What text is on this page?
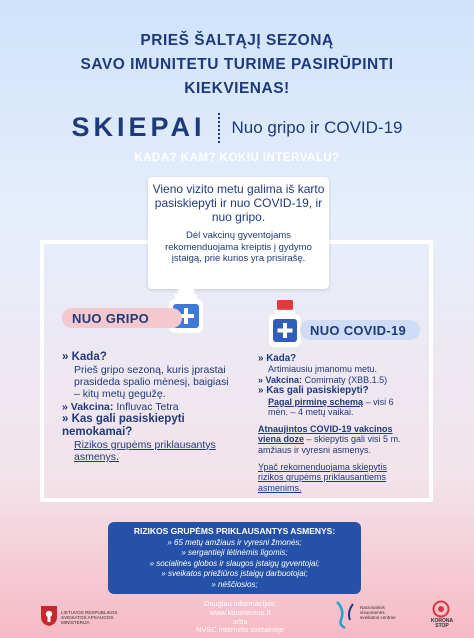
PRIEŠ ŠALTĄJĮ SEZONĄ
SAVO IMUNITETU TURIME PASIRŪPINTI
KIEKVIENAS!
SKIEPAI Nuo gripo ir COVID-19
KADA? KAM? KOKIU INTERVALU?
Vieno vizito metu galima iš karto pasiskiepyti ir nuo COVID-19, ir nuo gripo.
Dėl vakcinų gyventojams rekomenduojama kreiptis į gydymo įstaigą, prie kurios yra prisirašę.
NUO GRIPO
NUO COVID-19
» Kada?
Prieš gripo sezoną, kuris įprastai prasideda spalio mėnesį, baigiasi – kitų metų gegužę.
» Vakcina: Influvac Tetra
» Kas gali pasiskiepyti nemokamai?
Rizikos grupėms priklausantys asmenys.
» Kada?
Artimiausiu įmanomu metu.
» Vakcina: Comirnaty (XBB.1.5)
» Kas gali pasiskiepyti?
Pagal pirminę schemą – visi 6 mėn. – 4 metų vaikai.
Atnaujintos COVID-19 vakcinos viena doze – skiepytis gali visi 5 m. amžiaus ir vyresni asmenys.
Ypač rekomenduojama skiepytis rizikos grupėms priklausantiems asmenims.
RIZIKOS GRUPĖMS PRIKLAUSANTYS ASMENYS:
» 65 metų amžiaus ir vyresni žmonės;
» sergantieji lėtinėmis ligomis;
» socialinės globos ir slaugos įstaigų gyventojai;
» sveikatos priežiūros įstaigų darbuotojai;
» nėščiosios;
LIETUVOS RESPUBLIKOS SVEIKATOS APSAUGOS MINISTERIJA
Daugiau informacijos:
www.koronastop.lt
arba
NVSC interneto svetainėje
Nacionalinis visuomenės sveikatos centras
KORONA STOP
